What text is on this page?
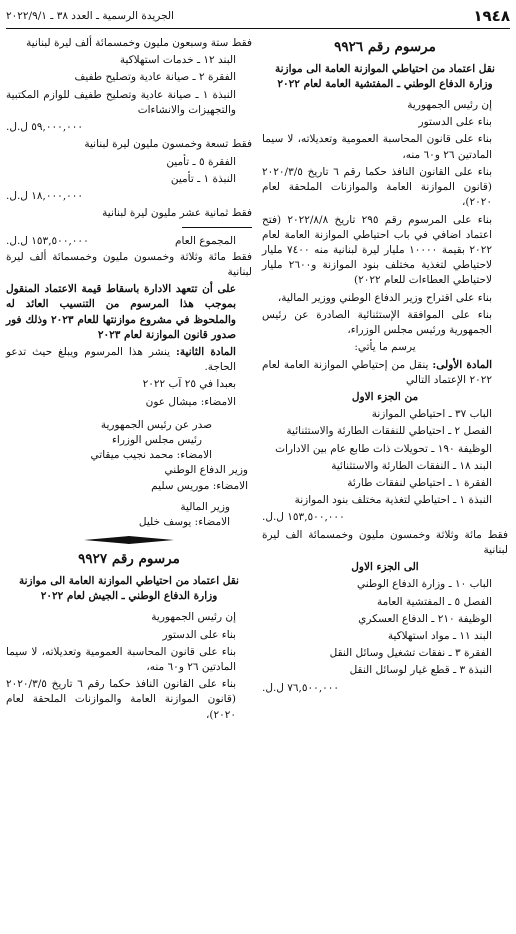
١٩٤٨
الجريدة الرسمية ـ العدد ٣٨ ـ ٢٠٢٢/٩/١
مرسوم رقم ٩٩٢٦
نقل اعتماد من احتياطي الموازنة العامة الى موازنة وزارة الدفاع الوطني ـ المفتشية العامة لعام ٢٠٢٢

إن رئيس الجمهورية

بناء على الدستور

بناء على قانون المحاسبة العمومية وتعديلاته، لا سيما المادتين ٢٦ و٦٠ منه،

بناء على القانون النافذ حكما رقم ٦ تاريخ ٢٠٢٠/٣/٥ (قانون الموازنة العامة والموازنات الملحقة لعام ٢٠٢٠)،

بناء على المرسوم رقم ٢٩٥ تاريخ ٢٠٢٢/٨/٨ (فتح اعتماد اضافي في باب احتياطي الموازنة العامة لعام ٢٠٢٢ بقيمة ١٠٠٠٠ مليار ليرة لبنانية منه ٧٤٠٠ مليار لاحتياطي لتغذية مختلف بنود الموازنة و٢٦٠٠ مليار لاحتياطي العطاءات للعام ٢٠٢٢)

بناء على اقتراح وزير الدفاع الوطني ووزير المالية،

بناء على الموافقة الإستثنائية الصادرة عن رئيس الجمهورية ورئيس مجلس الوزراء،

يرسم ما يأتي:

المادة الأولى: ينقل من إحتياطي الموازنة العامة لعام ٢٠٢٢ الإعتماد التالي

من الجزء الاول

الباب ٣٧ ـ احتياطي الموازنة

الفصل ٢ ـ احتياطي للنفقات الطارئة والاستثنائية

الوظيفة ١٩٠ ـ تحويلات ذات طابع عام بين الادارات

البند ١٨ ـ النفقات الطارئة والاستثنائية

الفقرة ١ ـ احتياطي لنفقات طارئة

النبذة ١ ـ احتياطي لتغذية مختلف بنود الموازنة

١٥٣,٥٠٠,٠٠٠ ل.ل.

فقط مائة وثلاثة وخمسون مليون وخمسمائة الف ليرة لبنانية

الى الجزء الاول

الباب ١٠ ـ وزارة الدفاع الوطني

الفصل ٥ ـ المفتشية العامة

الوظيفة ٢١٠ ـ الدفاع العسكري

البند ١١ ـ مواد استهلاكية

الفقرة ٣ ـ نفقات تشغيل وسائل النقل

النبذة ٣ ـ قطع غيار لوسائل النقل

٧٦,٥٠٠,٠٠٠ ل.ل.

فقط ستة وسبعون مليون وخمسمائة ألف ليرة لبنانية

البند ١٢ ـ خدمات استهلاكية

الفقرة ٢ ـ صيانة عادية وتصليح طفيف

النبذة ١ ـ صيانة عادية وتصليح طفيف للوازم المكتبية والتجهيزات والانشاءات

٥٩,٠٠٠,٠٠٠ ل.ل.

فقط تسعة وخمسون مليون ليرة لبنانية

الفقرة ٥ ـ تأمين

النبذة ١ ـ تأمين

١٨,٠٠٠,٠٠٠ ل.ل.

فقط ثمانية عشر مليون ليرة لبنانية

المجموع العام
١٥٣,٥٠٠,٠٠٠ ل.ل.

فقط مائة وثلاثة وخمسون مليون وخمسمائة ألف ليرة لبنانية

على أن تتعهد الادارة باسقاط قيمة الاعتماد المنقول بموجب هذا المرسوم من التنسيب العائد له والملحوظ في مشروع موازنتها للعام ٢٠٢٣ وذلك فور صدور قانون الموازنة لعام ٢٠٢٣

المادة الثانية: ينشر هذا المرسوم ويبلغ حيث تدعو الحاجة.

بعبدا في ٢٥ آب ٢٠٢٢

الامضاء: ميشال عون

صدر عن رئيس الجمهورية
رئيس مجلس الوزراء
الامضاء: محمد نجيب ميقاتي
وزير الدفاع الوطني
الامضاء: موريس سليم
وزير المالية
الامضاء: يوسف خليل
مرسوم رقم ٩٩٢٧
نقل اعتماد من احتياطي الموازنة العامة الى موازنة وزارة الدفاع الوطني ـ الجيش لعام ٢٠٢٢

إن رئيس الجمهورية

بناء على الدستور

بناء على قانون المحاسبة العمومية وتعديلاته، لا سيما المادتين ٢٦ و٦٠ منه،

بناء على القانون النافذ حكما رقم ٦ تاريخ ٢٠٢٠/٣/٥ (قانون الموازنة العامة والموازنات الملحقة لعام ٢٠٢٠)،
